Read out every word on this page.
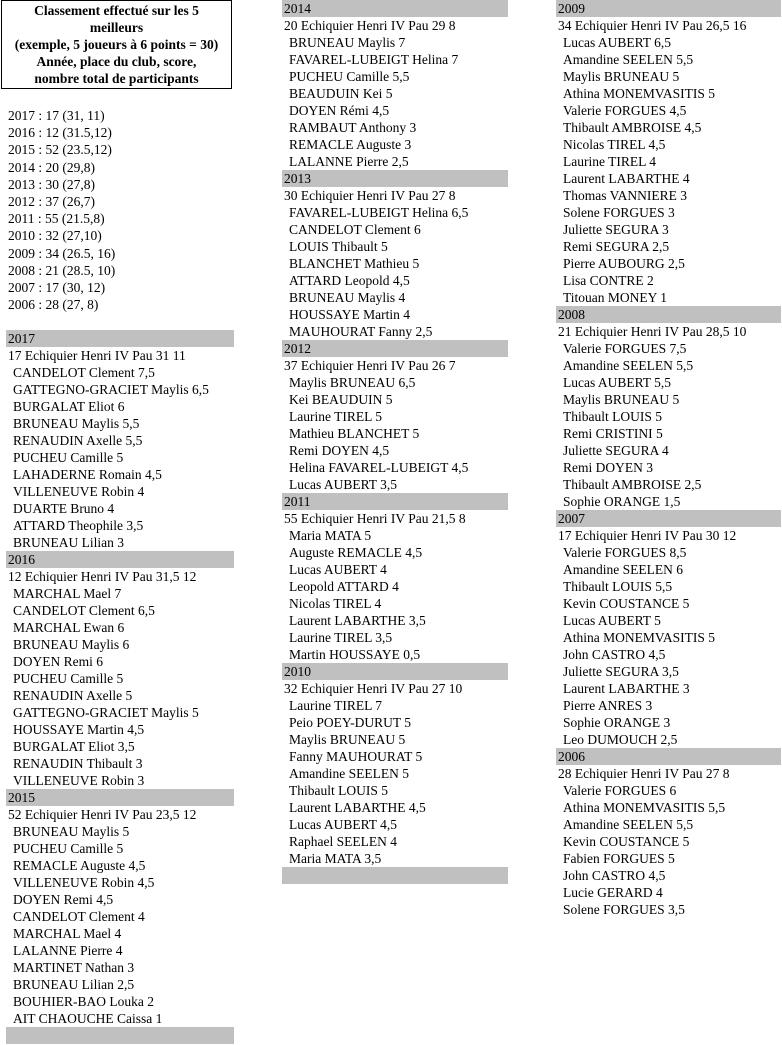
Classement effectué sur les 5
meilleurs
(exemple, 5 joueurs à 6 points = 30)
Année, place du club, score,
nombre total de participants
2017 : 17 (31, 11)
2016 : 12 (31.5,12)
2015 : 52 (23.5,12)
2014 : 20 (29,8)
2013 : 30 (27,8)
2012 : 37 (26,7)
2011 : 55 (21.5,8)
2010 : 32 (27,10)
2009 : 34 (26.5, 16)
2008 : 21 (28.5, 10)
2007 : 17 (30, 12)
2006 : 28 (27, 8)
2017
17 Echiquier Henri IV Pau 31 11
CANDELOT Clement 7,5
GATTEGNO-GRACIET Maylis 6,5
BURGALAT Eliot 6
BRUNEAU Maylis 5,5
RENAUDIN Axelle 5,5
PUCHEU Camille 5
LAHADERNE Romain 4,5
VILLENEUVE Robin 4
DUARTE Bruno 4
ATTARD Theophile 3,5
BRUNEAU Lilian 3
2016
12 Echiquier Henri IV Pau 31,5 12
MARCHAL Mael 7
CANDELOT Clement 6,5
MARCHAL Ewan 6
BRUNEAU Maylis 6
DOYEN Remi 6
PUCHEU Camille 5
RENAUDIN Axelle 5
GATTEGNO-GRACIET Maylis 5
HOUSSAYE Martin 4,5
BURGALAT Eliot 3,5
RENAUDIN Thibault 3
VILLENEUVE Robin 3
2015
52 Echiquier Henri IV Pau 23,5 12
BRUNEAU Maylis 5
PUCHEU Camille 5
REMACLE Auguste 4,5
VILLENEUVE Robin 4,5
DOYEN Remi 4,5
CANDELOT Clement 4
MARCHAL Mael 4
LALANNE Pierre 4
MARTINET Nathan 3
BRUNEAU Lilian 2,5
BOUHIER-BAO Louka 2
AIT CHAOUCHE Caissa 1
2014
20 Echiquier Henri IV Pau 29 8
BRUNEAU Maylis 7
FAVAREL-LUBEIGT Helina 7
PUCHEU Camille 5,5
BEAUDUIN Kei 5
DOYEN Rémi 4,5
RAMBAUT Anthony 3
REMACLE Auguste 3
LALANNE Pierre 2,5
2013
30 Echiquier Henri IV Pau 27 8
FAVAREL-LUBEIGT Helina 6,5
CANDELOT Clement 6
LOUIS Thibault 5
BLANCHET Mathieu 5
ATTARD Leopold 4,5
BRUNEAU Maylis 4
HOUSSAYE Martin 4
MAUHOURAT Fanny 2,5
2012
37 Echiquier Henri IV Pau 26 7
Maylis BRUNEAU 6,5
Kei BEAUDUIN 5
Laurine TIREL 5
Mathieu BLANCHET 5
Remi DOYEN 4,5
Helina FAVAREL-LUBEIGT 4,5
Lucas AUBERT 3,5
2011
55 Echiquier Henri IV Pau 21,5 8
Maria MATA 5
Auguste REMACLE 4,5
Lucas AUBERT 4
Leopold ATTARD 4
Nicolas TIREL 4
Laurent LABARTHE 3,5
Laurine TIREL 3,5
Martin HOUSSAYE 0,5
2010
32 Echiquier Henri IV Pau 27 10
Laurine TIREL 7
Peio POEY-DURUT 5
Maylis BRUNEAU 5
Fanny MAUHOURAT 5
Amandine SEELEN 5
Thibault LOUIS 5
Laurent LABARTHE 4,5
Lucas AUBERT 4,5
Raphael SEELEN 4
Maria MATA 3,5
2009
34 Echiquier Henri IV Pau 26,5 16
Lucas AUBERT 6,5
Amandine SEELEN 5,5
Maylis BRUNEAU 5
Athina MONEMVASITIS 5
Valerie FORGUES 4,5
Thibault AMBROISE 4,5
Nicolas TIREL 4,5
Laurine TIREL 4
Laurent LABARTHE 4
Thomas VANNIERE 3
Solene FORGUES 3
Juliette SEGURA 3
Remi SEGURA 2,5
Pierre AUBOURG 2,5
Lisa CONTRE 2
Titouan MONEY 1
2008
21 Echiquier Henri IV Pau 28,5 10
Valerie FORGUES 7,5
Amandine SEELEN 5,5
Lucas AUBERT 5,5
Maylis BRUNEAU 5
Thibault LOUIS 5
Remi CRISTINI 5
Juliette SEGURA 4
Remi DOYEN 3
Thibault AMBROISE 2,5
Sophie ORANGE 1,5
2007
17 Echiquier Henri IV Pau 30 12
Valerie FORGUES 8,5
Amandine SEELEN 6
Thibault LOUIS 5,5
Kevin COUSTANCE 5
Lucas AUBERT 5
Athina MONEMVASITIS 5
John CASTRO 4,5
Juliette SEGURA 3,5
Laurent LABARTHE 3
Pierre ANRES 3
Sophie ORANGE 3
Leo DUMOUCH 2,5
2006
28 Echiquier Henri IV Pau 27 8
Valerie FORGUES 6
Athina MONEMVASITIS 5,5
Amandine SEELEN 5,5
Kevin COUSTANCE 5
Fabien FORGUES 5
John CASTRO 4,5
Lucie GERARD 4
Solene FORGUES 3,5
